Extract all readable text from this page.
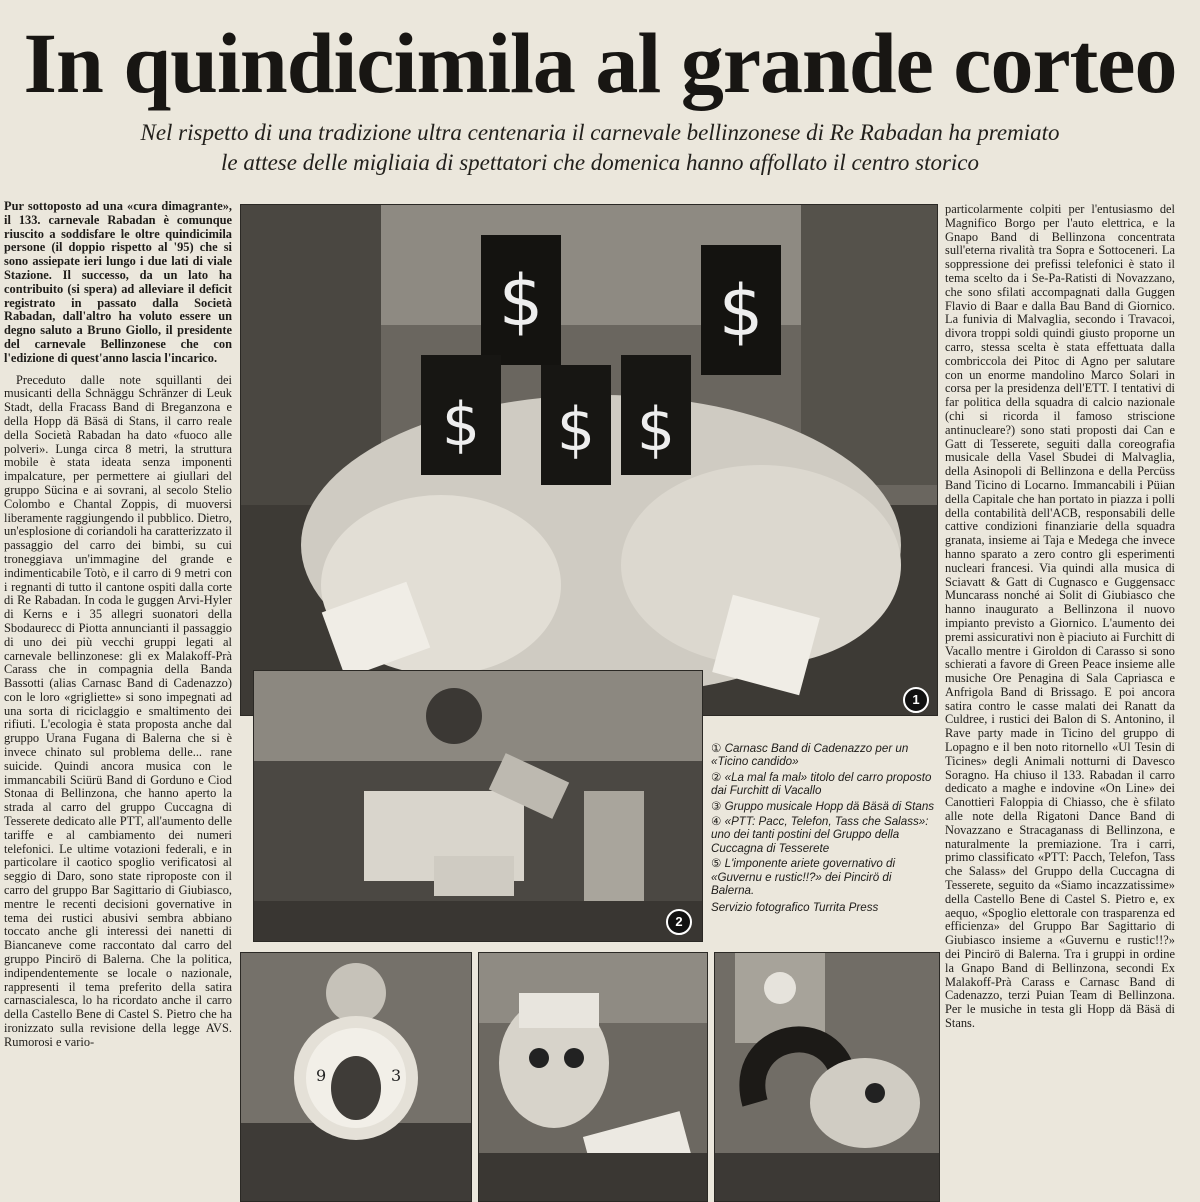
In quindicimila al grande corteo
Nel rispetto di una tradizione ultra centenaria il carnevale bellinzonese di Re Rabadan ha premiato
le attese delle migliaia di spettatori che domenica hanno affollato il centro storico

Pur sottoposto ad una «cura dimagrante», il 133. carnevale Rabadan è comunque riuscito a soddisfare le oltre quindicimila persone (il doppio rispetto al '95) che si sono assiepate ieri lungo i due lati di viale Stazione. Il successo, da un lato ha contribuito (si spera) ad alleviare il deficit registrato in passato dalla Società Rabadan, dall'altro ha voluto essere un degno saluto a Bruno Giollo, il presidente del carnevale Bellinzonese che con l'edizione di quest'anno lascia l'incarico.

Preceduto dalle note squillanti dei musicanti della Schnäggu Schränzer di Leuk Stadt, della Fracass Band di Breganzona e della Hopp dä Bäsä di Stans, il carro reale della Società Rabadan ha dato «fuoco alle polveri». Lunga circa 8 metri, la struttura mobile è stata ideata senza imponenti impalcature, per permettere ai giullari del gruppo Sücina e ai sovrani, al secolo Stelio Colombo e Chantal Zoppis, di muoversi liberamente raggiungendo il pubblico. Dietro, un'esplosione di coriandoli ha caratterizzato il passaggio del carro dei bimbi, su cui troneggiava un'immagine del grande e indimenticabile Totò, e il carro di 9 metri con i regnanti di tutto il cantone ospiti dalla corte di Re Rabadan. In coda le guggen Arvi-Hyler di Kerns e i 35 allegri suonatori della Sbodaurecc di Piotta annuncianti il passaggio di uno dei più vecchi gruppi legati al carnevale bellinzonese: gli ex Malakoff-Prà Carass che in compagnia della Banda Bassotti (alias Carnasc Band di Cadenazzo) con le loro «grigliette» si sono impegnati ad una sorta di riciclaggio e smaltimento dei rifiuti. L'ecologia è stata proposta anche dal gruppo Urana Fugana di Balerna che si è invece chinato sul problema delle... rane suicide. Quindi ancora musica con le immancabili Sciürü Band di Gorduno e Ciod Stonaa di Bellinzona, che hanno aperto la strada al carro del gruppo Cuccagna di Tesserete dedicato alle PTT, all'aumento delle tariffe e al cambiamento dei numeri telefonici. Le ultime votazioni federali, e in particolare il caotico spoglio verificatosi al seggio di Daro, sono state riproposte con il carro del gruppo Bar Sagittario di Giubiasco, mentre le recenti decisioni governative in tema dei rustici abusivi sembra abbiano toccato anche gli interessi dei nanetti di Biancaneve come raccontato dal carro del gruppo Pincirö di Balerna. Che la politica, indipendentemente se locale o nazionale, rappresenti il tema preferito della satira carnascialesca, lo ha ricordato anche il carro della Castello Bene di Castel S. Pietro che ha ironizzato sulla revisione della legge AVS. Rumorosi e vario-

$	$
$ $ $
1
2
① Carnasc Band di Cadenazzo per un «Ticino candido»
② «La mal fa mal» titolo del carro proposto dai Furchitt di Vacallo
③ Gruppo musicale Hopp dä Bäsä di Stans
④ «PTT: Pacc, Telefon, Tass che Salass»: uno dei tanti postini del Gruppo della Cuccagna di Tesserete
⑤ L'imponente ariete governativo di «Guvernu e rustic!!?» dei Pincirö di Balerna.
Servizio fotografico Turrita Press
9	3

particolarmente colpiti per l'entusiasmo del Magnifico Borgo per l'auto elettrica, e la Gnapo Band di Bellinzona concentrata sull'eterna rivalità tra Sopra e Sottoceneri. La soppressione dei prefissi telefonici è stato il tema scelto da i Se-Pa-Ratisti di Novazzano, che sono sfilati accompagnati dalla Guggen Flavio di Baar e dalla Bau Band di Giornico. La funivia di Malvaglia, secondo i Travacoi, divora troppi soldi quindi giusto proporne un carro, stessa scelta è stata effettuata dalla combriccola dei Pitoc di Agno per salutare con un enorme mandolino Marco Solari in corsa per la presidenza dell'ETT. I tentativi di far politica della squadra di calcio nazionale (chi si ricorda il famoso striscione antinucleare?) sono stati proposti dai Can e Gatt di Tesserete, seguiti dalla coreografia musicale della Vasel Sbudei di Malvaglia, della Asinopoli di Bellinzona e della Percüss Band Ticino di Locarno. Immancabili i Püian della Capitale che han portato in piazza i polli della contabilità dell'ACB, responsabili delle cattive condizioni finanziarie della squadra granata, insieme ai Taja e Medega che invece hanno sparato a zero contro gli esperimenti nucleari francesi. Via quindi alla musica di Sciavatt & Gatt di Cugnasco e Guggensacc Muncarass nonché ai Solit di Giubiasco che hanno inaugurato a Bellinzona il nuovo impianto previsto a Giornico. L'aumento dei premi assicurativi non è piaciuto ai Furchitt di Vacallo mentre i Giroldon di Carasso si sono schierati a favore di Green Peace insieme alle musiche Ore Penagina di Sala Capriasca e Anfrigola Band di Brissago. E poi ancora satira contro le casse malati dei Ranatt da Culdree, i rustici dei Balon di S. Antonino, il Rave party made in Ticino del gruppo di Lopagno e il ben noto ritornello «Ul Tesin di Ticines» degli Animali notturni di Davesco Soragno. Ha chiuso il 133. Rabadan il carro dedicato a maghe e indovine «On Line» dei Canottieri Faloppia di Chiasso, che è sfilato alle note della Rigatoni Dance Band di Novazzano e Stracaganass di Bellinzona, e naturalmente la premiazione. Tra i carri, primo classificato «PTT: Pacch, Telefon, Tass che Salass» del Gruppo della Cuccagna di Tesserete, seguito da «Siamo incazzatissime» della Castello Bene di Castel S. Pietro e, ex aequo, «Spoglio elettorale con trasparenza ed efficienza» del Gruppo Bar Sagittario di Giubiasco insieme a «Guvernu e rustic!!?» dei Pincirö di Balerna. Tra i gruppi in ordine la Gnapo Band di Bellinzona, secondi Ex Malakoff-Prà Carass e Carnasc Band di Cadenazzo, terzi Puian Team di Bellinzona. Per le musiche in testa gli Hopp dä Bäsä di Stans.
